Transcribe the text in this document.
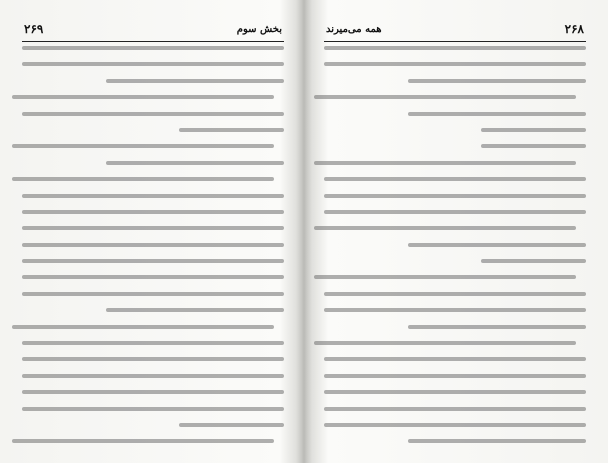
بخش سوم
۲۶۹	۲۶۸
همه می‌میرند
